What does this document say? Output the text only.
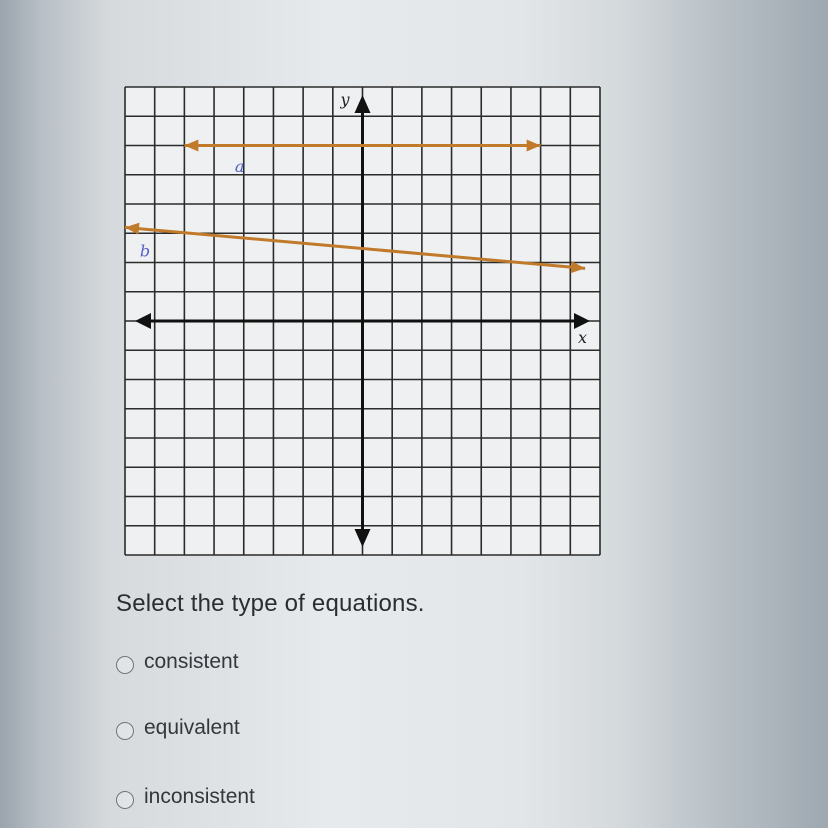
y
x
a
b
Select the type of equations.
consistent
equivalent
inconsistent
